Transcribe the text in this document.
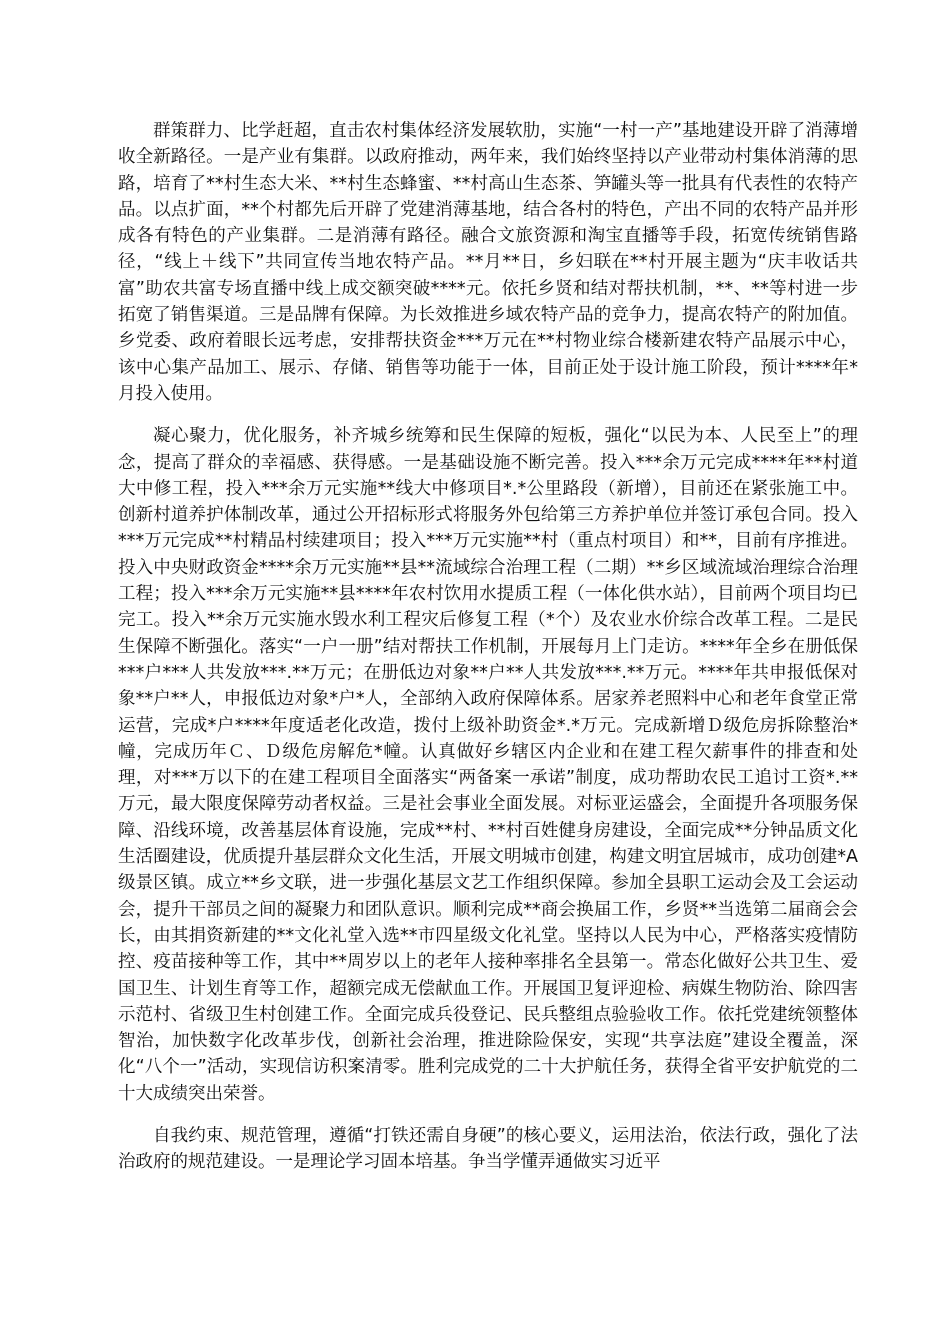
群策群力、比学赶超，直击农村集体经济发展软肋，实施“一村一产”基地建设开辟了消薄增收全新路径。一是产业有集群。以政府推动，两年来，我们始终坚持以产业带动村集体消薄的思路，培育了**村生态大米、**村生态蜂蜜、**村高山生态茶、笋罐头等一批具有代表性的农特产品。以点扩面，**个村都先后开辟了党建消薄基地，结合各村的特色，产出不同的农特产品并形成各有特色的产业集群。二是消薄有路径。融合文旅资源和淘宝直播等手段，拓宽传统销售路径，“线上＋线下”共同宣传当地农特产品。**月**日，乡妇联在**村开展主题为“庆丰收话共富”助农共富专场直播中线上成交额突破****元。依托乡贤和结对帮扶机制，**、**等村进一步拓宽了销售渠道。三是品牌有保障。为长效推进乡域农特产品的竞争力，提高农特产的附加值。乡党委、政府着眼长远考虑，安排帮扶资金***万元在**村物业综合楼新建农特产品展示中心，该中心集产品加工、展示、存储、销售等功能于一体，目前正处于设计施工阶段，预计****年*月投入使用。

凝心聚力，优化服务，补齐城乡统筹和民生保障的短板，强化“以民为本、人民至上”的理念，提高了群众的幸福感、获得感。一是基础设施不断完善。投入***余万元完成****年**村道大中修工程，投入***余万元实施**线大中修项目*.*公里路段（新增），目前还在紧张施工中。创新村道养护体制改革，通过公开招标形式将服务外包给第三方养护单位并签订承包合同。投入***万元完成**村精品村续建项目；投入***万元实施**村（重点村项目）和**，目前有序推进。投入中央财政资金****余万元实施**县**流域综合治理工程（二期）**乡区域流域治理综合治理工程；投入***余万元实施**县****年农村饮用水提质工程（一体化供水站），目前两个项目均已完工。投入**余万元实施水毁水利工程灾后修复工程（*个）及农业水价综合改革工程。二是民生保障不断强化。落实“一户一册”结对帮扶工作机制，开展每月上门走访。****年全乡在册低保***户***人共发放***.**万元；在册低边对象**户**人共发放***.**万元。****年共申报低保对象**户**人，申报低边对象*户*人，全部纳入政府保障体系。居家养老照料中心和老年食堂正常运营，完成*户****年度适老化改造，拨付上级补助资金*.*万元。完成新增Ｄ级危房拆除整治*幢，完成历年Ｃ、Ｄ级危房解危*幢。认真做好乡辖区内企业和在建工程欠薪事件的排查和处理，对***万以下的在建工程项目全面落实“两备案一承诺”制度，成功帮助农民工追讨工资*.**万元，最大限度保障劳动者权益。三是社会事业全面发展。对标亚运盛会，全面提升各项服务保障、沿线环境，改善基层体育设施，完成**村、**村百姓健身房建设，全面完成**分钟品质文化生活圈建设，优质提升基层群众文化生活，开展文明城市创建，构建文明宜居城市，成功创建*A级景区镇。成立**乡文联，进一步强化基层文艺工作组织保障。参加全县职工运动会及工会运动会，提升干部员之间的凝聚力和团队意识。顺利完成**商会换届工作，乡贤**当选第二届商会会长，由其捐资新建的**文化礼堂入选**市四星级文化礼堂。坚持以人民为中心，严格落实疫情防控、疫苗接种等工作，其中**周岁以上的老年人接种率排名全县第一。常态化做好公共卫生、爱国卫生、计划生育等工作，超额完成无偿献血工作。开展国卫复评迎检、病媒生物防治、除四害示范村、省级卫生村创建工作。全面完成兵役登记、民兵整组点验验收工作。依托党建统领整体智治，加快数字化改革步伐，创新社会治理，推进除险保安，实现“共享法庭”建设全覆盖，深化“八个一”活动，实现信访积案清零。胜利完成党的二十大护航任务，获得全省平安护航党的二十大成绩突出荣誉。

自我约束、规范管理，遵循“打铁还需自身硬”的核心要义，运用法治，依法行政，强化了法治政府的规范建设。一是理论学习固本培基。争当学懂弄通做实习近平
